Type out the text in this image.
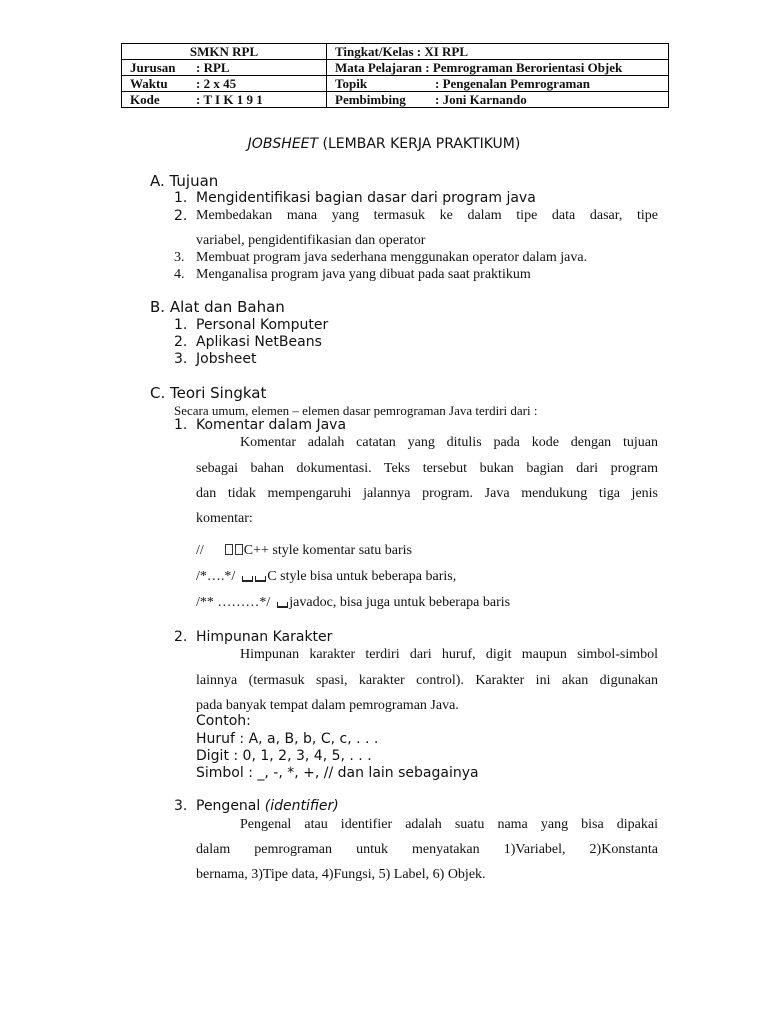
SMKN RPL	Tingkat/Kelas : XI RPL
Jurusan : RPL	Mata Pelajaran : Pemrograman Berorientasi Objek
Waktu : 2 x 45	Topik : Pengenalan Pemrograman
Kode : T I K 1 9 1	Pembimbing : Joni Karnando
JOBSHEET (LEMBAR KERJA PRAKTIKUM)
A. Tujuan
1. Mengidentifikasi bagian dasar dari program java
2. Membedakan mana yang termasuk ke dalam tipe data dasar, tipe
variabel, pengidentifikasian dan operator
3. Membuat program java sederhana menggunakan operator dalam java.
4. Menganalisa program java yang dibuat pada saat praktikum
B. Alat dan Bahan
1. Personal Komputer
2. Aplikasi NetBeans
3. Jobsheet
C. Teori Singkat
Secara umum, elemen – elemen dasar pemrograman Java terdiri dari :
1. Komentar dalam Java
Komentar adalah catatan yang ditulis pada kode dengan tujuan
sebagai bahan dokumentasi. Teks tersebut bukan bagian dari program
dan tidak mempengaruhi jalannya program. Java mendukung tiga jenis
komentar:
//	C++ style komentar satu baris
/*….*/ C style bisa untuk beberapa baris,
/** ………*/ javadoc, bisa juga untuk beberapa baris
2. Himpunan Karakter
Himpunan karakter terdiri dari huruf, digit maupun simbol-simbol
lainnya (termasuk spasi, karakter control). Karakter ini akan digunakan
pada banyak tempat dalam pemrograman Java.
Contoh:
Huruf : A, a, B, b, C, c, . . .
Digit : 0, 1, 2, 3, 4, 5, . . .
Simbol : _, -, *, +, // dan lain sebagainya
3. Pengenal (identifier)
Pengenal atau identifier adalah suatu nama yang bisa dipakai
dalam pemrograman untuk menyatakan 1)Variabel, 2)Konstanta
bernama, 3)Tipe data, 4)Fungsi, 5) Label, 6) Objek.
